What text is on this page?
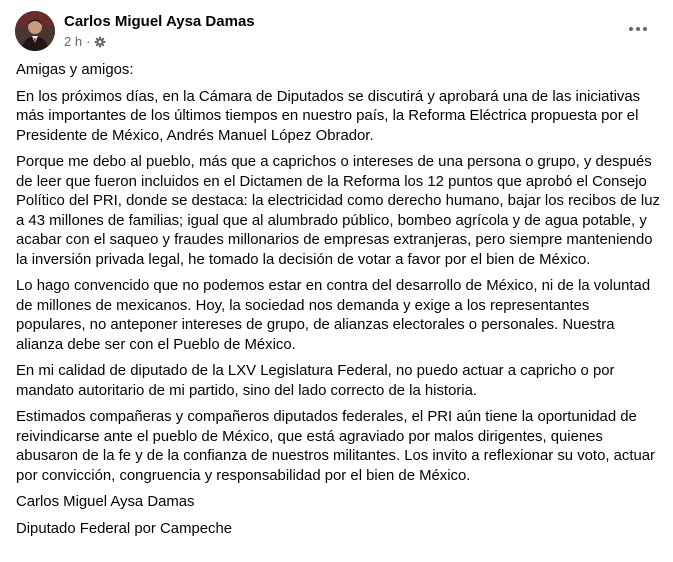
Carlos Miguel Aysa Damas
2 h ·

Amigas y amigos:

En los próximos días, en la Cámara de Diputados se discutirá y aprobará una de las iniciativas más importantes de los últimos tiempos en nuestro país, la Reforma Eléctrica propuesta por el Presidente de México, Andrés Manuel López Obrador.

Porque me debo al pueblo, más que a caprichos o intereses de una persona o grupo, y después de leer que fueron incluidos en el Dictamen de la Reforma los 12 puntos que aprobó el Consejo Político del PRI, donde se destaca: la electricidad como derecho humano, bajar los recibos de luz a 43 millones de familias; igual que al alumbrado público, bombeo agrícola y de agua potable, y acabar con el saqueo y fraudes millonarios de empresas extranjeras, pero siempre manteniendo la inversión privada legal, he tomado la decisión de votar a favor por el bien de México.

Lo hago convencido que no podemos estar en contra del desarrollo de México, ni de la voluntad de millones de mexicanos. Hoy, la sociedad nos demanda y exige a los representantes populares, no anteponer intereses de grupo, de alianzas electorales o personales. Nuestra alianza debe ser con el Pueblo de México.

En mi calidad de diputado de la LXV Legislatura Federal, no puedo actuar a capricho o por mandato autoritario de mi partido, sino del lado correcto de la historia.

Estimados compañeras y compañeros diputados federales, el PRI aún tiene la oportunidad de reivindicarse ante el pueblo de México, que está agraviado por malos dirigentes, quienes abusaron de la fe y de la confianza de nuestros militantes. Los invito a reflexionar su voto, actuar por convicción, congruencia y responsabilidad por el bien de México.

Carlos Miguel Aysa Damas

Diputado Federal por Campeche
